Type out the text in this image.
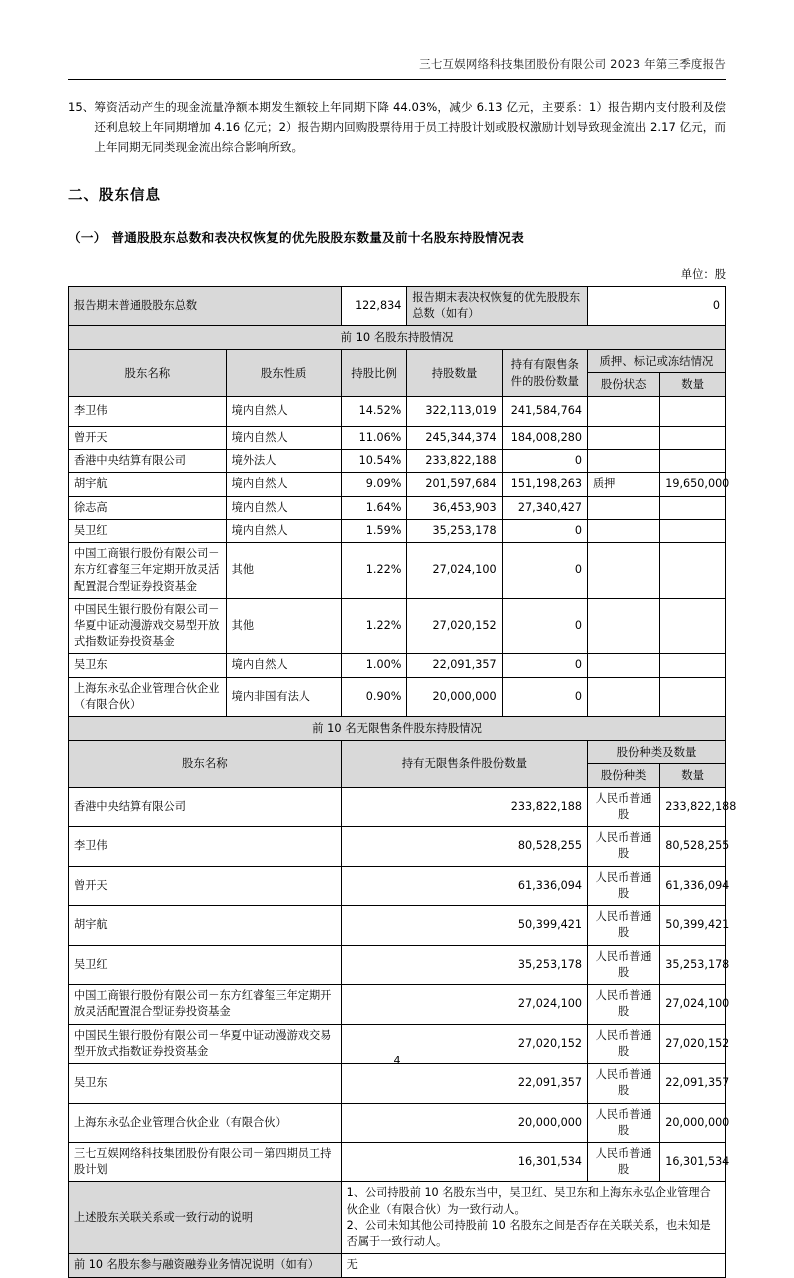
三七互娱网络科技集团股份有限公司 2023 年第三季度报告
15、 筹资活动产生的现金流量净额本期发生额较上年同期下降 44.03%，减少 6.13 亿元，主要系：1）报告期内支付股利及偿还利息较上年同期增加 4.16 亿元；2）报告期内回购股票待用于员工持股计划或股权激励计划导致现金流出 2.17 亿元，而上年同期无同类现金流出综合影响所致。
二、股东信息
（一） 普通股股东总数和表决权恢复的优先股股东数量及前十名股东持股情况表
单位：股
报告期末普通股股东总数		122,834	报告期末表决权恢复的优先股股东总数（如有）		0	
前 10 名股东持股情况						
股东名称	股东性质	持股比例	持股数量	持有有限售条件的股份数量	质押、标记或冻结情况	
					股份状态	数量
李卫伟	境内自然人	14.52%	322,113,019	241,584,764		
曾开天	境内自然人	11.06%	245,344,374	184,008,280		
香港中央结算有限公司	境外法人	10.54%	233,822,188	0		
胡宇航	境内自然人	9.09%	201,597,684	151,198,263	质押	19,650,000
徐志高	境内自然人	1.64%	36,453,903	27,340,427		
吴卫红	境内自然人	1.59%	35,253,178	0		
中国工商银行股份有限公司－东方红睿玺三年定期开放灵活配置混合型证券投资基金	其他	1.22%	27,024,100	0		
中国民生银行股份有限公司－华夏中证动漫游戏交易型开放式指数证券投资基金	其他	1.22%	27,020,152	0		
吴卫东	境内自然人	1.00%	22,091,357	0		
上海东永弘企业管理合伙企业（有限合伙）	境内非国有法人	0.90%	20,000,000	0		
前 10 名无限售条件股东持股情况						
股东名称		持有无限售条件股份数量			股份种类及数量	
					股份种类	数量
香港中央结算有限公司		233,822,188			人民币普通股	233,822,188
李卫伟		80,528,255			人民币普通股	80,528,255
曾开天		61,336,094			人民币普通股	61,336,094
胡宇航		50,399,421			人民币普通股	50,399,421
吴卫红		35,253,178			人民币普通股	35,253,178
中国工商银行股份有限公司－东方红睿玺三年定期开放灵活配置混合型证券投资基金		27,024,100			人民币普通股	27,024,100
中国民生银行股份有限公司－华夏中证动漫游戏交易型开放式指数证券投资基金		27,020,152			人民币普通股	27,020,152
吴卫东		22,091,357			人民币普通股	22,091,357
上海东永弘企业管理合伙企业（有限合伙）		20,000,000			人民币普通股	20,000,000
三七互娱网络科技集团股份有限公司－第四期员工持股计划		16,301,534			人民币普通股	16,301,534
上述股东关联关系或一致行动的说明		1、公司持股前 10 名股东当中，吴卫红、吴卫东和上海东永弘企业管理合伙企业（有限合伙）为一致行动人。

2、公司未知其他公司持股前 10 名股东之间是否存在关联关系，也未知是否属于一致行动人。				

前 10 名股东参与融资融券业务情况说明（如有）		无				
4
